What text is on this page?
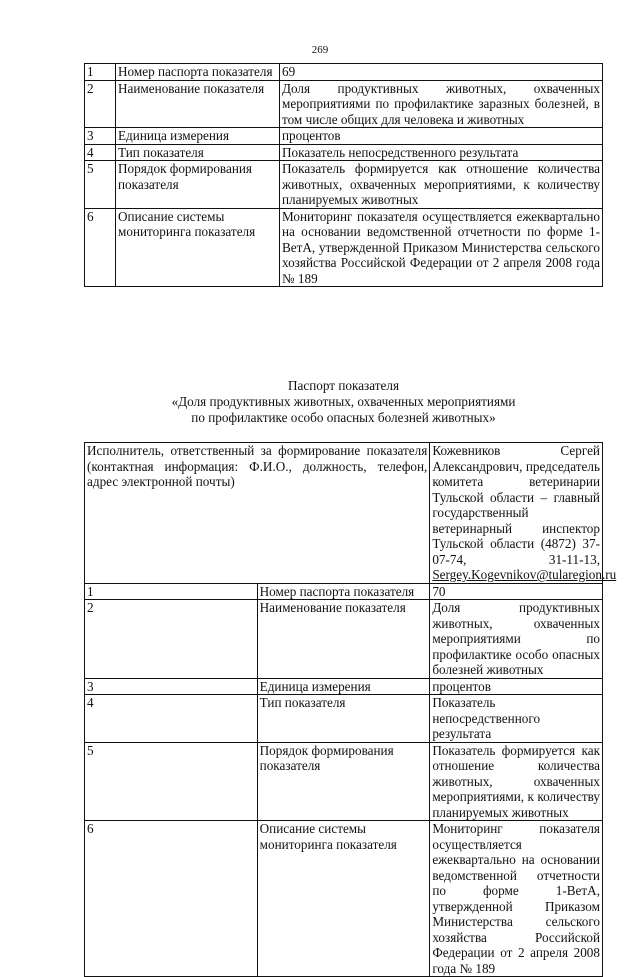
269
1	Номер паспорта показателя	69
2	Наименование показателя	Доля продуктивных животных, охваченных мероприятиями по профилактике заразных болезней, в том числе общих для человека и животных
3	Единица измерения	процентов
4	Тип показателя	Показатель непосредственного результата
5	Порядок формирования показателя	Показатель формируется как отношение количества животных, охваченных мероприятиями, к количеству планируемых животных
6	Описание системы мониторинга показателя	Мониторинг показателя осуществляется ежеквартально на основании ведомственной отчетности по форме 1-ВетА, утвержденной Приказом Министерства сельского хозяйства Российской Федерации от 2 апреля 2008 года № 189
Паспорт показателя
«Доля продуктивных животных, охваченных мероприятиями
по профилактике особо опасных болезней животных»
Исполнитель, ответственный за формирование показателя (контактная информация: Ф.И.О., должность, телефон, адрес электронной почты)		Кожевников Сергей Александрович, председатель комитета ветеринарии Тульской области – главный государственный ветеринарный инспектор Тульской области (4872) 37-07-74, 31-11-13, Sergey.Kogevnikov@tularegion.ru
1	Номер паспорта показателя	70
2	Наименование показателя	Доля продуктивных животных, охваченных мероприятиями по профилактике особо опасных болезней животных
3	Единица измерения	процентов
4	Тип показателя	Показатель непосредственного результата
5	Порядок формирования показателя	Показатель формируется как отношение количества животных, охваченных мероприятиями, к количеству планируемых животных
6	Описание системы мониторинга показателя	Мониторинг показателя осуществляется ежеквартально на основании ведомственной отчетности по форме 1-ВетА, утвержденной Приказом Министерства сельского хозяйства Российской Федерации от 2 апреля 2008 года № 189
